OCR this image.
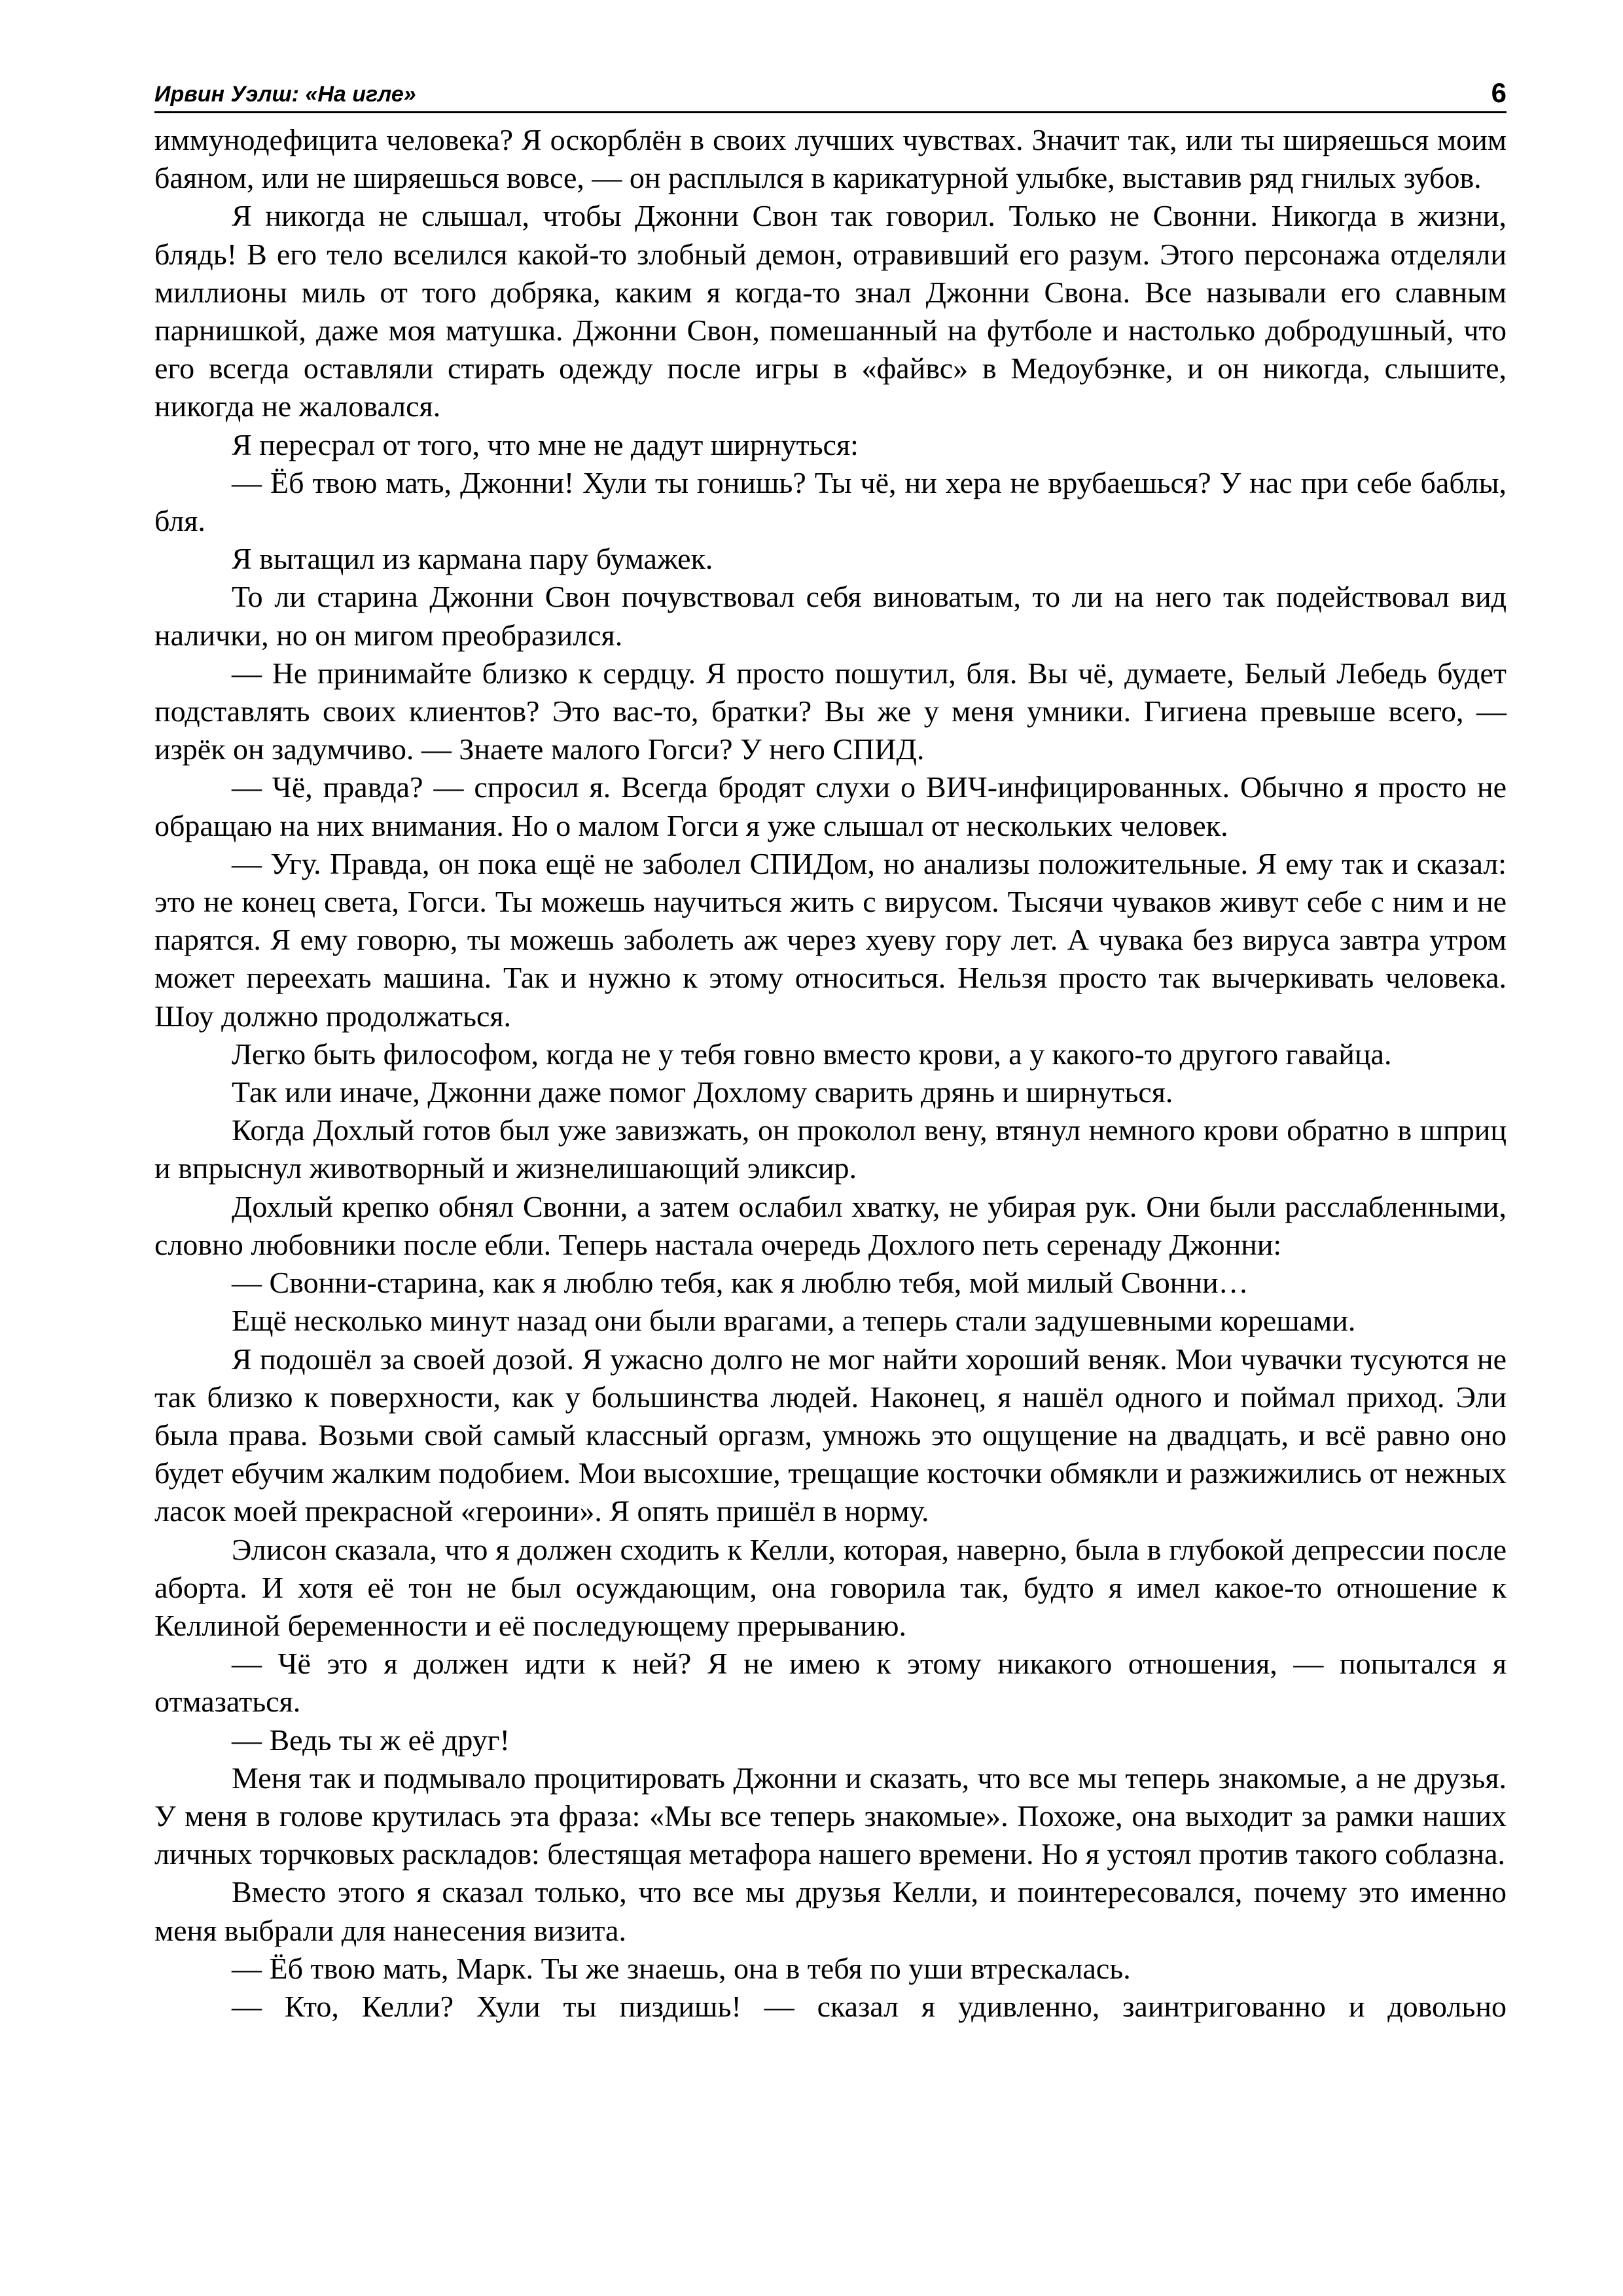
Ирвин Уэлш: «На игле»	6

иммунодефицита человека? Я оскорблён в своих лучших чувствах. Значит так, или ты ширяешься моим баяном, или не ширяешься вовсе, — он расплылся в карикатурной улыбке, выставив ряд гнилых зубов.

Я никогда не слышал, чтобы Джонни Свон так говорил. Только не Свонни. Никогда в жизни, блядь! В его тело вселился какой-то злобный демон, отравивший его разум. Этого персонажа отделяли миллионы миль от того добряка, каким я когда-то знал Джонни Свона. Все называли его славным парнишкой, даже моя матушка. Джонни Свон, помешанный на футболе и настолько добродушный, что его всегда оставляли стирать одежду после игры в «файвс» в Медоубэнке, и он никогда, слышите, никогда не жаловался.

Я пересрал от того, что мне не дадут ширнуться:

— Ёб твою мать, Джонни! Хули ты гонишь? Ты чё, ни хера не врубаешься? У нас при себе баблы, бля.

Я вытащил из кармана пару бумажек.

То ли старина Джонни Свон почувствовал себя виноватым, то ли на него так подействовал вид налички, но он мигом преобразился.

— Не принимайте близко к сердцу. Я просто пошутил, бля. Вы чё, думаете, Белый Лебедь будет подставлять своих клиентов? Это вас-то, братки? Вы же у меня умники. Гигиена превыше всего, — изрёк он задумчиво. — Знаете малого Гогси? У него СПИД.

— Чё, правда? — спросил я. Всегда бродят слухи о ВИЧ-инфицированных. Обычно я просто не обращаю на них внимания. Но о малом Гогси я уже слышал от нескольких человек.

— Угу. Правда, он пока ещё не заболел СПИДом, но анализы положительные. Я ему так и сказал: это не конец света, Гогси. Ты можешь научиться жить с вирусом. Тысячи чуваков живут себе с ним и не парятся. Я ему говорю, ты можешь заболеть аж через хуеву гору лет. А чувака без вируса завтра утром может переехать машина. Так и нужно к этому относиться. Нельзя просто так вычеркивать человека. Шоу должно продолжаться.

Легко быть философом, когда не у тебя говно вместо крови, а у какого-то другого гавайца.

Так или иначе, Джонни даже помог Дохлому сварить дрянь и ширнуться.

Когда Дохлый готов был уже завизжать, он проколол вену, втянул немного крови обратно в шприц и впрыснул животворный и жизнелишающий эликсир.

Дохлый крепко обнял Свонни, а затем ослабил хватку, не убирая рук. Они были расслабленными, словно любовники после ебли. Теперь настала очередь Дохлого петь серенаду Джонни:

— Свонни-старина, как я люблю тебя, как я люблю тебя, мой милый Свонни…

Ещё несколько минут назад они были врагами, а теперь стали задушевными корешами.

Я подошёл за своей дозой. Я ужасно долго не мог найти хороший веняк. Мои чувачки тусуются не так близко к поверхности, как у большинства людей. Наконец, я нашёл одного и поймал приход. Эли была права. Возьми свой самый классный оргазм, умножь это ощущение на двадцать, и всё равно оно будет ебучим жалким подобием. Мои высохшие, трещащие косточки обмякли и разжижились от нежных ласок моей прекрасной «героини». Я опять пришёл в норму.

Элисон сказала, что я должен сходить к Келли, которая, наверно, была в глубокой депрессии после аборта. И хотя её тон не был осуждающим, она говорила так, будто я имел какое-то отношение к Келлиной беременности и её последующему прерыванию.

— Чё это я должен идти к ней? Я не имею к этому никакого отношения, — попытался я отмазаться.

— Ведь ты ж её друг!

Меня так и подмывало процитировать Джонни и сказать, что все мы теперь знакомые, а не друзья. У меня в голове крутилась эта фраза: «Мы все теперь знакомые». Похоже, она выходит за рамки наших личных торчковых раскладов: блестящая метафора нашего времени. Но я устоял против такого соблазна.

Вместо этого я сказал только, что все мы друзья Келли, и поинтересовался, почему это именно меня выбрали для нанесения визита.

— Ёб твою мать, Марк. Ты же знаешь, она в тебя по уши втрескалась.

— Кто, Келли? Хули ты пиздишь! — сказал я удивленно, заинтригованно и довольно
